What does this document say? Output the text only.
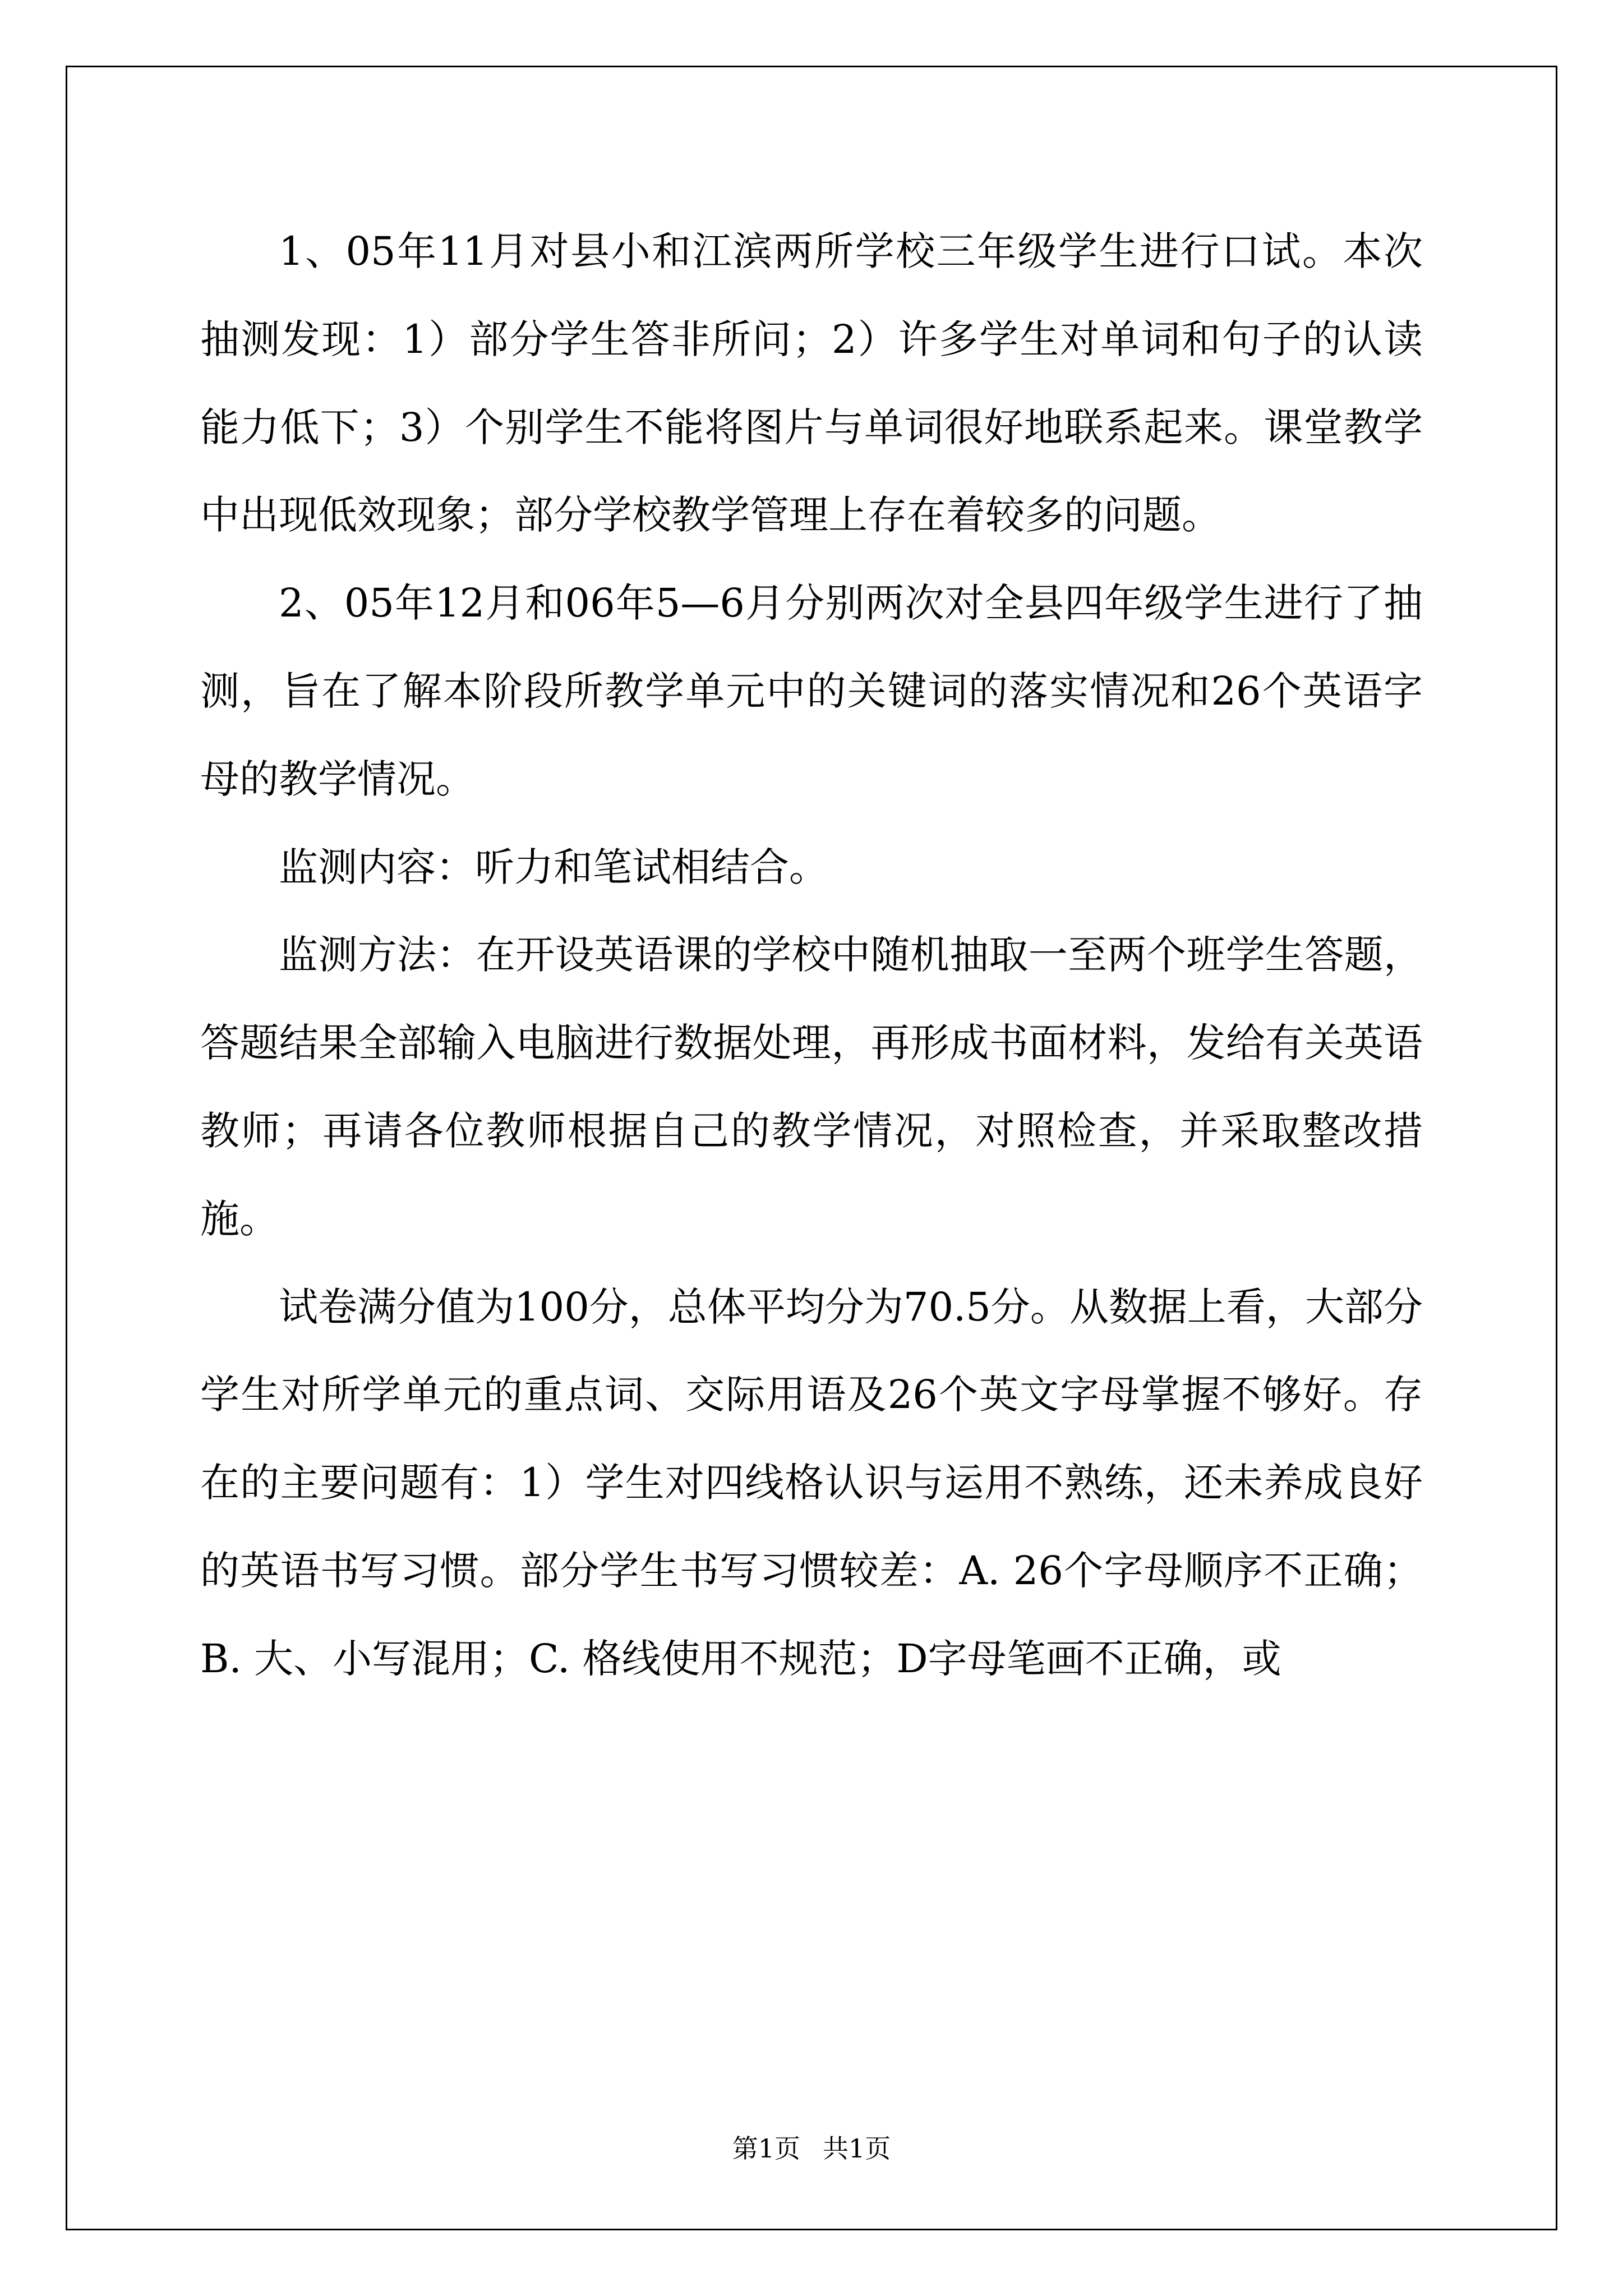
1、05年11月对县小和江滨两所学校三年级学生进行口试。本次抽测发现：1）部分学生答非所问；2）许多学生对单词和句子的认读能力低下；3）个别学生不能将图片与单词很好地联系起来。课堂教学中出现低效现象；部分学校教学管理上存在着较多的问题。

2、05年12月和06年5—6月分别两次对全县四年级学生进行了抽测，旨在了解本阶段所教学单元中的关键词的落实情况和26个英语字母的教学情况。

监测内容：听力和笔试相结合。

监测方法：在开设英语课的学校中随机抽取一至两个班学生答题，答题结果全部输入电脑进行数据处理，再形成书面材料，发给有关英语教师；再请各位教师根据自己的教学情况，对照检查，并采取整改措施。

试卷满分值为100分，总体平均分为70.5分。从数据上看，大部分学生对所学单元的重点词、交际用语及26个英文字母掌握不够好。存在的主要问题有：1）学生对四线格认识与运用不熟练，还未养成良好的英语书写习惯。部分学生书写习惯较差：A. 26个字母顺序不正确；B. 大、小写混用；C. 格线使用不规范；D字母笔画不正确，或

第1页 共1页
